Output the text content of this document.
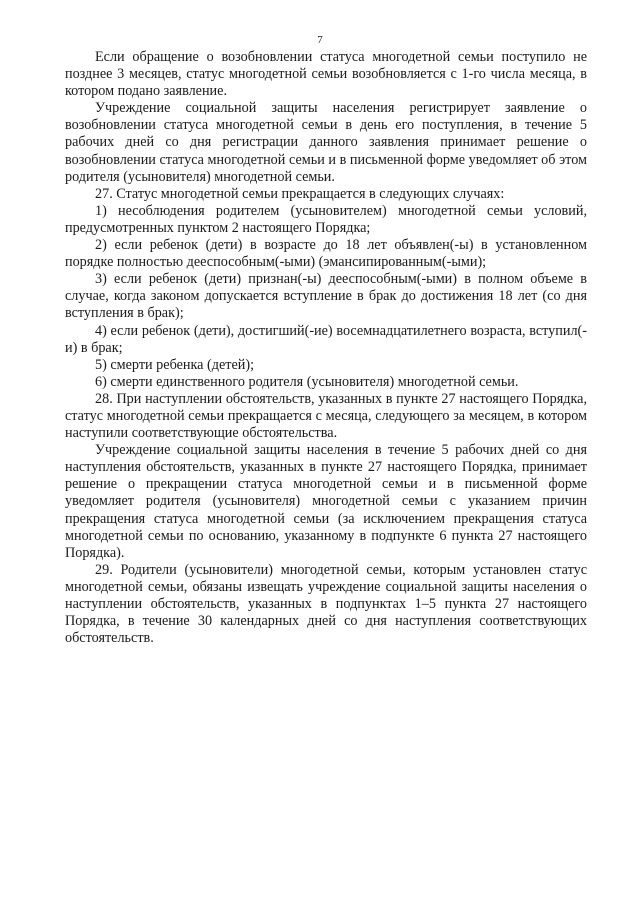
7

Если обращение о возобновлении статуса многодетной семьи поступило не позднее 3 месяцев, статус многодетной семьи возобновляется с 1-го числа месяца, в котором подано заявление.

Учреждение социальной защиты населения регистрирует заявление о возобновлении статуса многодетной семьи в день его поступления, в течение 5 рабочих дней со дня регистрации данного заявления принимает решение о возобновлении статуса многодетной семьи и в письменной форме уведомляет об этом родителя (усыновителя) многодетной семьи.

27. Статус многодетной семьи прекращается в следующих случаях:

1) несоблюдения родителем (усыновителем) многодетной семьи условий, предусмотренных пунктом 2 настоящего Порядка;

2) если ребенок (дети) в возрасте до 18 лет объявлен(-ы) в установленном порядке полностью дееспособным(-ыми) (эмансипированным(-ыми);

3) если ребенок (дети) признан(-ы) дееспособным(-ыми) в полном объеме в случае, когда законом допускается вступление в брак до достижения 18 лет (со дня вступления в брак);

4) если ребенок (дети), достигший(-ие) восемнадцатилетнего возраста, вступил(-и) в брак;

5) смерти ребенка (детей);

6) смерти единственного родителя (усыновителя) многодетной семьи.

28. При наступлении обстоятельств, указанных в пункте 27 настоящего Порядка, статус многодетной семьи прекращается с месяца, следующего за месяцем, в котором наступили соответствующие обстоятельства.

Учреждение социальной защиты населения в течение 5 рабочих дней со дня наступления обстоятельств, указанных в пункте 27 настоящего Порядка, принимает решение о прекращении статуса многодетной семьи и в письменной форме уведомляет родителя (усыновителя) многодетной семьи с указанием причин прекращения статуса многодетной семьи (за исключением прекращения статуса многодетной семьи по основанию, указанному в подпункте 6 пункта 27 настоящего Порядка).

29. Родители (усыновители) многодетной семьи, которым установлен статус многодетной семьи, обязаны извещать учреждение социальной защиты населения о наступлении обстоятельств, указанных в подпунктах 1–5 пункта 27 настоящего Порядка, в течение 30 календарных дней со дня наступления соответствующих обстоятельств.
